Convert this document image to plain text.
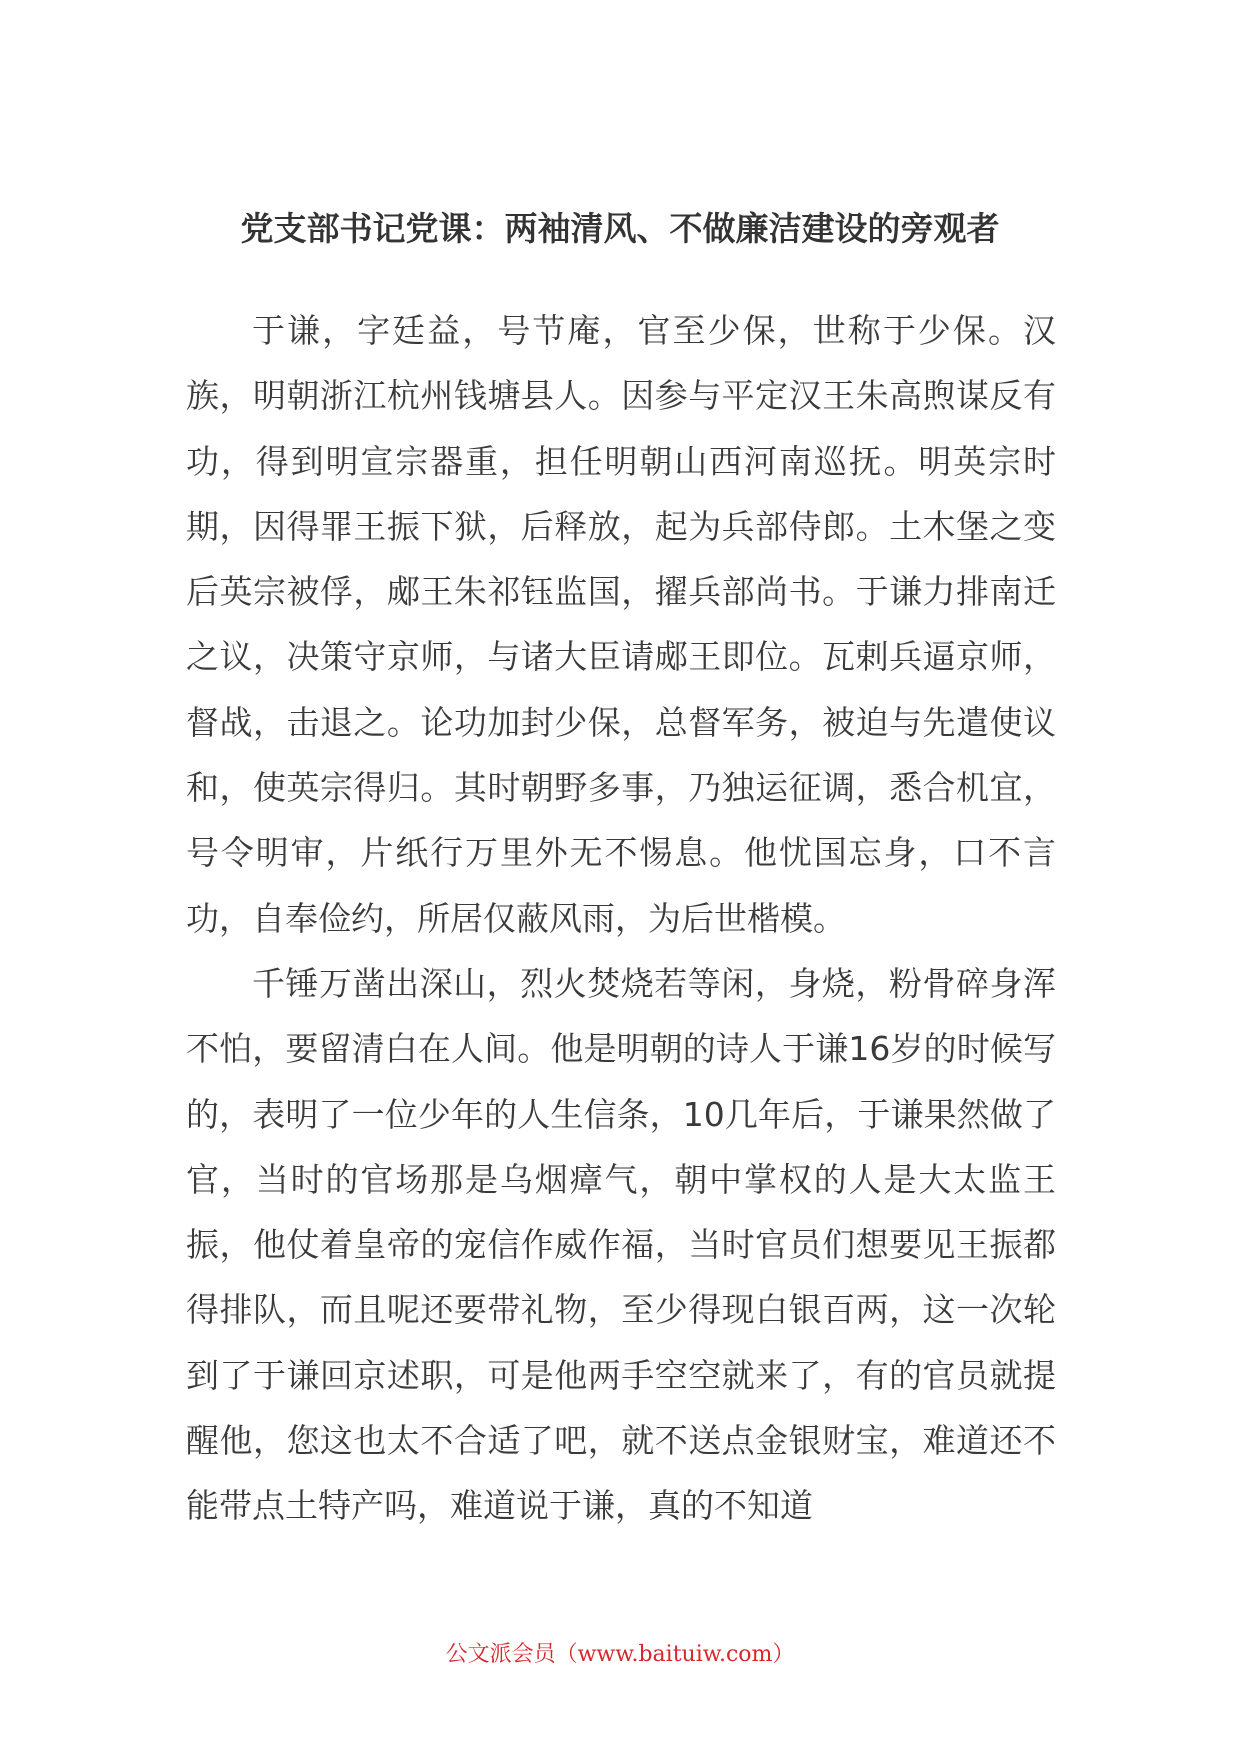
党支部书记党课：两袖清风、不做廉洁建设的旁观者

于谦，字廷益，号节庵，官至少保，世称于少保。汉族，明朝浙江杭州钱塘县人。因参与平定汉王朱高煦谋反有功，得到明宣宗器重，担任明朝山西河南巡抚。明英宗时期，因得罪王振下狱，后释放，起为兵部侍郎。土木堡之变后英宗被俘，郕王朱祁钰监国，擢兵部尚书。于谦力排南迁之议，决策守京师，与诸大臣请郕王即位。瓦剌兵逼京师，督战，击退之。论功加封少保，总督军务，被迫与先遣使议和，使英宗得归。其时朝野多事，乃独运征调，悉合机宜，号令明审，片纸行万里外无不惕息。他忧国忘身，口不言功，自奉俭约，所居仅蔽风雨，为后世楷模。

千锤万凿出深山，烈火焚烧若等闲，身烧，粉骨碎身浑不怕，要留清白在人间。他是明朝的诗人于谦16岁的时候写的，表明了一位少年的人生信条，10几年后，于谦果然做了官，当时的官场那是乌烟瘴气，朝中掌权的人是大太监王振，他仗着皇帝的宠信作威作福，当时官员们想要见王振都得排队，而且呢还要带礼物，至少得现白银百两，这一次轮到了于谦回京述职，可是他两手空空就来了，有的官员就提醒他，您这也太不合适了吧，就不送点金银财宝，难道还不能带点土特产吗，难道说于谦，真的不知道

公文派会员（www.baituiw.com）
